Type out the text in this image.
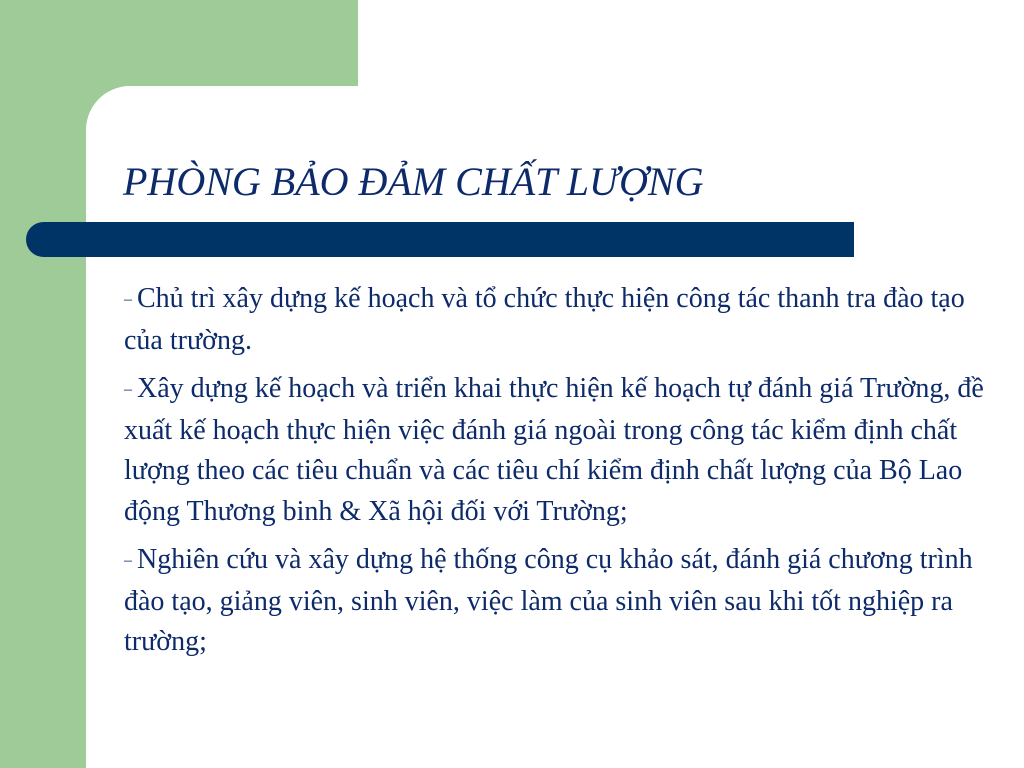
PHÒNG BẢO ĐẢM CHẤT LƯỢNG
– Chủ trì xây dựng kế hoạch và tổ chức thực hiện công tác thanh tra đào tạo của trường.
– Xây dựng kế hoạch và triển khai thực hiện kế hoạch tự đánh giá Trường, đề xuất kế hoạch thực hiện việc đánh giá ngoài trong công tác kiểm định chất lượng theo các tiêu chuẩn và các tiêu chí kiểm định chất lượng của Bộ Lao động Thương binh & Xã hội đối với Trường;
– Nghiên cứu và xây dựng hệ thống công cụ khảo sát, đánh giá chương trình đào tạo, giảng viên, sinh viên, việc làm của sinh viên sau khi tốt nghiệp ra trường;
